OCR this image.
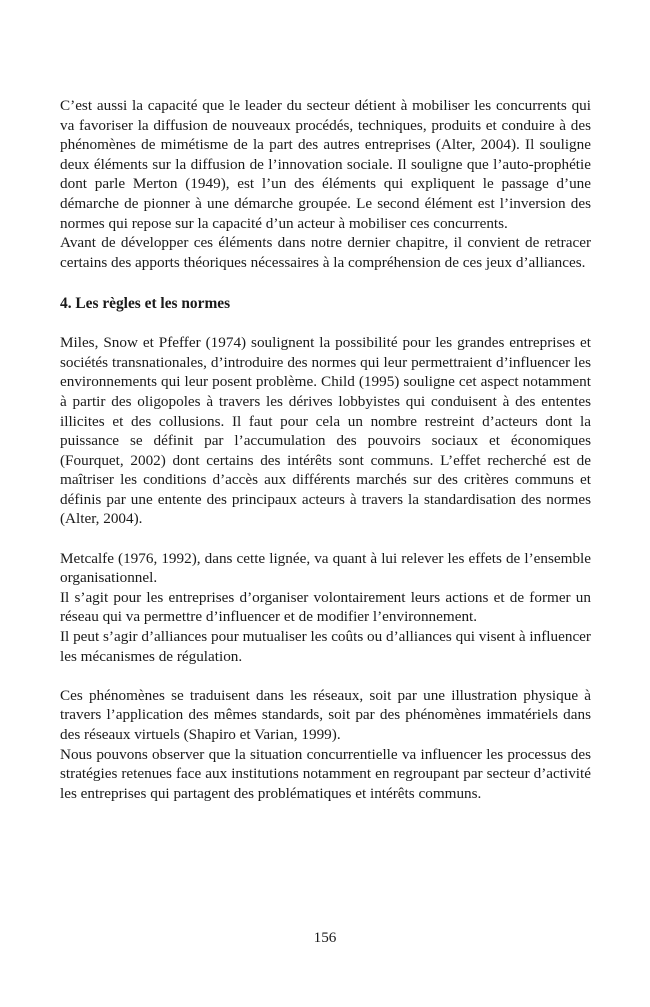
C’est aussi la capacité que le leader du secteur détient à mobiliser les concurrents qui va favoriser la diffusion de nouveaux procédés, techniques, produits et conduire à des phénomènes de mimétisme de la part des autres entreprises (Alter, 2004). Il souligne deux éléments sur la diffusion de l’innovation sociale. Il souligne que l’auto-prophétie dont parle Merton (1949), est l’un des éléments qui expliquent le passage d’une démarche de pionner à une démarche groupée. Le second élément est l’inversion des normes qui repose sur la capacité d’un acteur à mobiliser ces concurrents.

Avant de développer ces éléments dans notre dernier chapitre, il convient de retracer certains des apports théoriques nécessaires à la compréhension de ces jeux d’alliances.

4. Les règles et les normes

Miles, Snow et Pfeffer (1974) soulignent la possibilité pour les grandes entreprises et sociétés transnationales, d’introduire des normes qui leur permettraient d’influencer les environnements qui leur posent problème. Child (1995) souligne cet aspect notamment à partir des oligopoles à travers les dérives lobbyistes qui conduisent à des ententes illicites et des collusions. Il faut pour cela un nombre restreint d’acteurs dont la puissance se définit par l’accumulation des pouvoirs sociaux et économiques (Fourquet, 2002) dont certains des intérêts sont communs. L’effet recherché est de maîtriser les conditions d’accès aux différents marchés sur des critères communs et définis par une entente des principaux acteurs à travers la standardisation des normes (Alter, 2004).

Metcalfe (1976, 1992), dans cette lignée, va quant à lui relever les effets de l’ensemble organisationnel.

Il s’agit pour les entreprises d’organiser volontairement leurs actions et de former un réseau qui va permettre d’influencer et de modifier l’environnement.

Il peut s’agir d’alliances pour mutualiser les coûts ou d’alliances qui visent à influencer les mécanismes de régulation.

Ces phénomènes se traduisent dans les réseaux, soit par une illustration physique à travers l’application des mêmes standards, soit par des phénomènes immatériels dans des réseaux virtuels (Shapiro et Varian, 1999).

Nous pouvons observer que la situation concurrentielle va influencer les processus des stratégies retenues face aux institutions notamment en regroupant par secteur d’activité les entreprises qui partagent des problématiques et intérêts communs.

156
